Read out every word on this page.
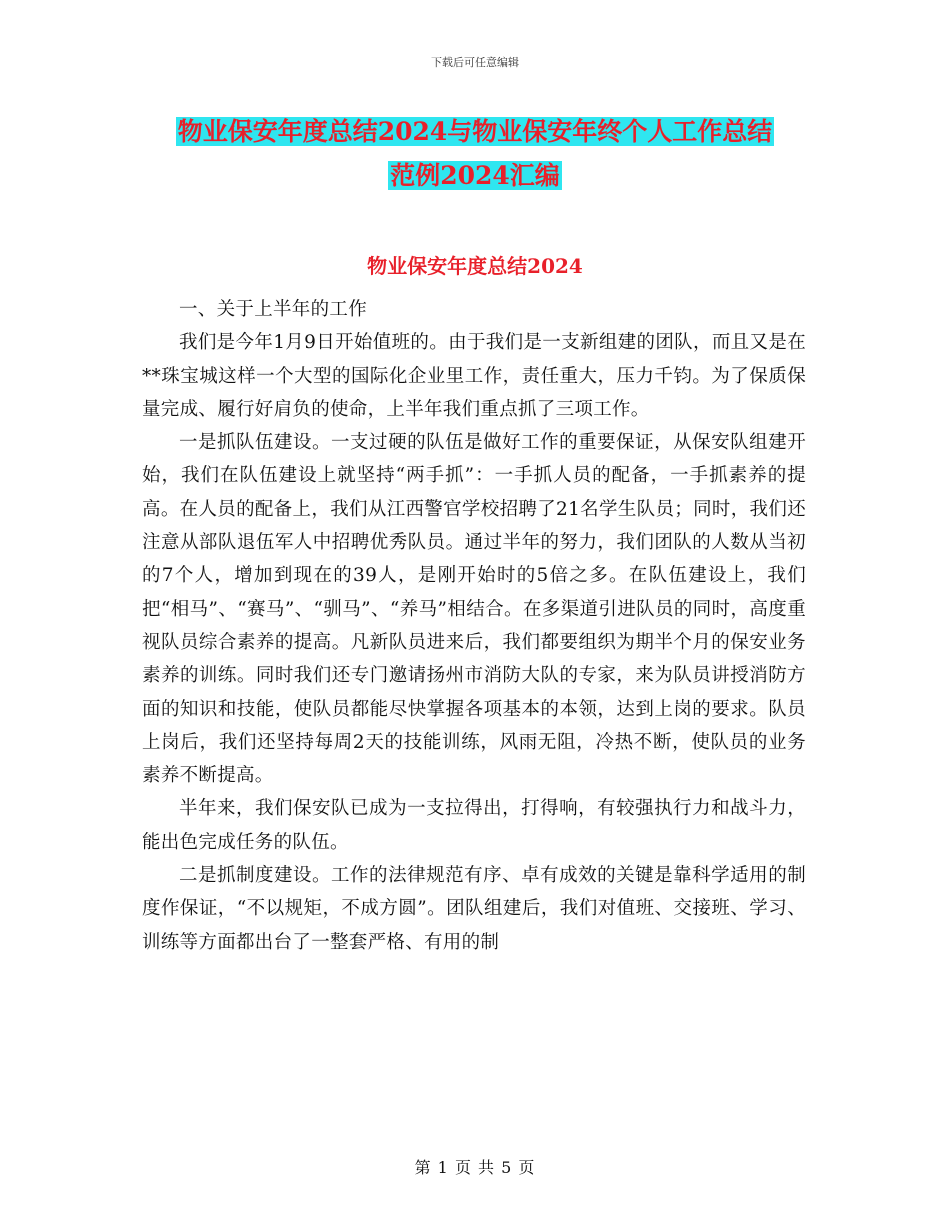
下载后可任意编辑
物业保安年度总结2024与物业保安年终个人工作总结
范例2024汇编
物业保安年度总结2024

一、关于上半年的工作

我们是今年1月9日开始值班的。由于我们是一支新组建的团队，而且又是在**珠宝城这样一个大型的国际化企业里工作，责任重大，压力千钧。为了保质保量完成、履行好肩负的使命，上半年我们重点抓了三项工作。

一是抓队伍建设。一支过硬的队伍是做好工作的重要保证，从保安队组建开始，我们在队伍建设上就坚持“两手抓”：一手抓人员的配备，一手抓素养的提高。在人员的配备上，我们从江西警官学校招聘了21名学生队员；同时，我们还注意从部队退伍军人中招聘优秀队员。通过半年的努力，我们团队的人数从当初的7个人，增加到现在的39人，是刚开始时的5倍之多。在队伍建设上，我们把“相马”、“赛马”、“驯马”、“养马”相结合。在多渠道引进队员的同时，高度重视队员综合素养的提高。凡新队员进来后，我们都要组织为期半个月的保安业务素养的训练。同时我们还专门邀请扬州市消防大队的专家，来为队员讲授消防方面的知识和技能，使队员都能尽快掌握各项基本的本领，达到上岗的要求。队员上岗后，我们还坚持每周2天的技能训练，风雨无阻，冷热不断，使队员的业务素养不断提高。

半年来，我们保安队已成为一支拉得出，打得响，有较强执行力和战斗力，能出色完成任务的队伍。

二是抓制度建设。工作的法律规范有序、卓有成效的关键是靠科学适用的制度作保证，“不以规矩，不成方圆”。团队组建后，我们对值班、交接班、学习、训练等方面都出台了一整套严格、有用的制

第 1 页 共 5 页
